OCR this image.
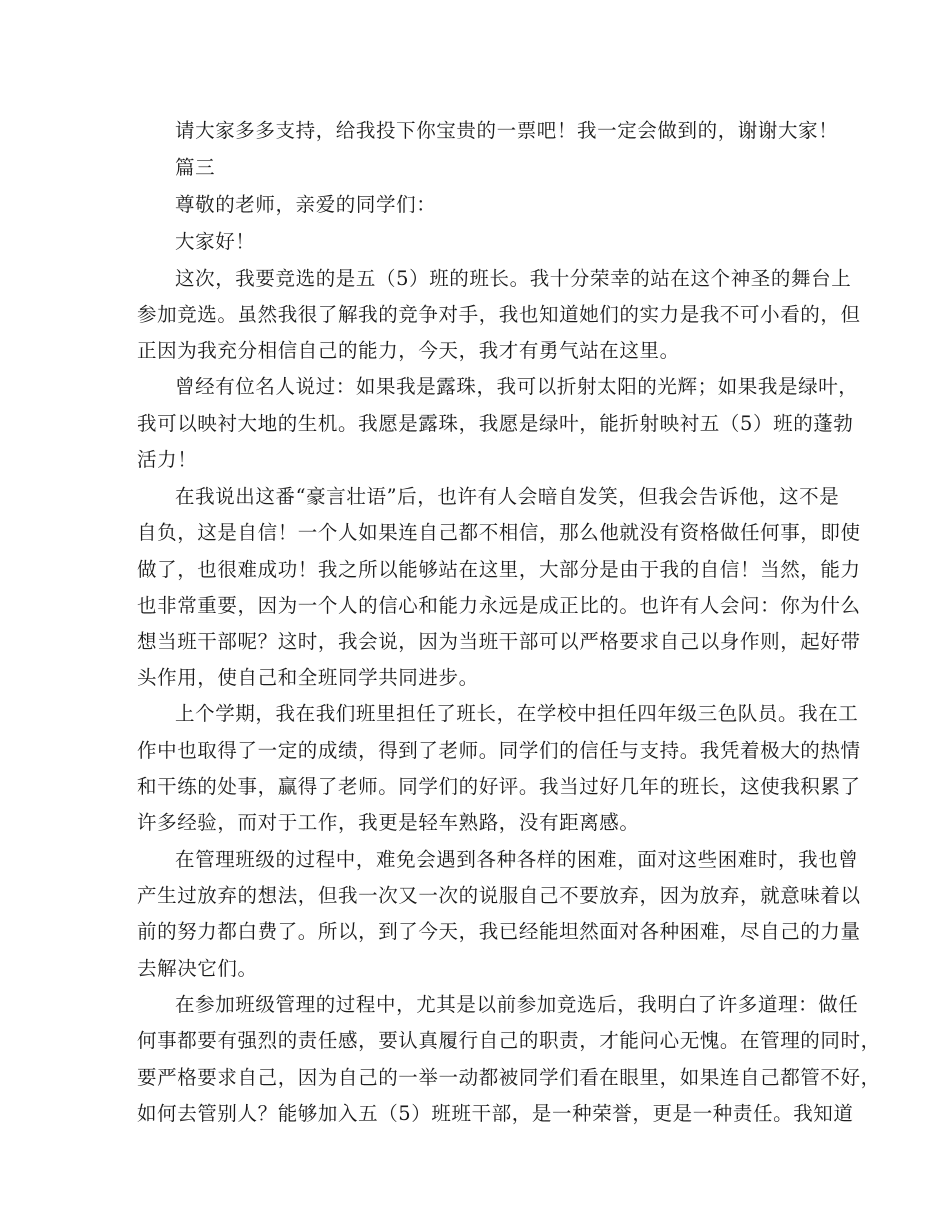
请大家多多支持，给我投下你宝贵的一票吧！我一定会做到的，谢谢大家！
篇三
尊敬的老师，亲爱的同学们：
大家好！
这次，我要竞选的是五（5）班的班长。我十分荣幸的站在这个神圣的舞台上
参加竞选。虽然我很了解我的竞争对手，我也知道她们的实力是我不可小看的，但
正因为我充分相信自己的能力，今天，我才有勇气站在这里。
曾经有位名人说过：如果我是露珠，我可以折射太阳的光辉；如果我是绿叶，
我可以映衬大地的生机。我愿是露珠，我愿是绿叶，能折射映衬五（5）班的蓬勃
活力！
在我说出这番“豪言壮语”后，也许有人会暗自发笑，但我会告诉他，这不是
自负，这是自信！一个人如果连自己都不相信，那么他就没有资格做任何事，即使
做了，也很难成功！我之所以能够站在这里，大部分是由于我的自信！当然，能力
也非常重要，因为一个人的信心和能力永远是成正比的。也许有人会问：你为什么
想当班干部呢？这时，我会说，因为当班干部可以严格要求自己以身作则，起好带
头作用，使自己和全班同学共同进步。
上个学期，我在我们班里担任了班长，在学校中担任四年级三色队员。我在工
作中也取得了一定的成绩，得到了老师。同学们的信任与支持。我凭着极大的热情
和干练的处事，赢得了老师。同学们的好评。我当过好几年的班长，这使我积累了
许多经验，而对于工作，我更是轻车熟路，没有距离感。
在管理班级的过程中，难免会遇到各种各样的困难，面对这些困难时，我也曾
产生过放弃的想法，但我一次又一次的说服自己不要放弃，因为放弃，就意味着以
前的努力都白费了。所以，到了今天，我已经能坦然面对各种困难，尽自己的力量
去解决它们。
在参加班级管理的过程中，尤其是以前参加竞选后，我明白了许多道理：做任
何事都要有强烈的责任感，要认真履行自己的职责，才能问心无愧。在管理的同时，
要严格要求自己，因为自己的一举一动都被同学们看在眼里，如果连自己都管不好，
如何去管别人？能够加入五（5）班班干部，是一种荣誉，更是一种责任。我知道
